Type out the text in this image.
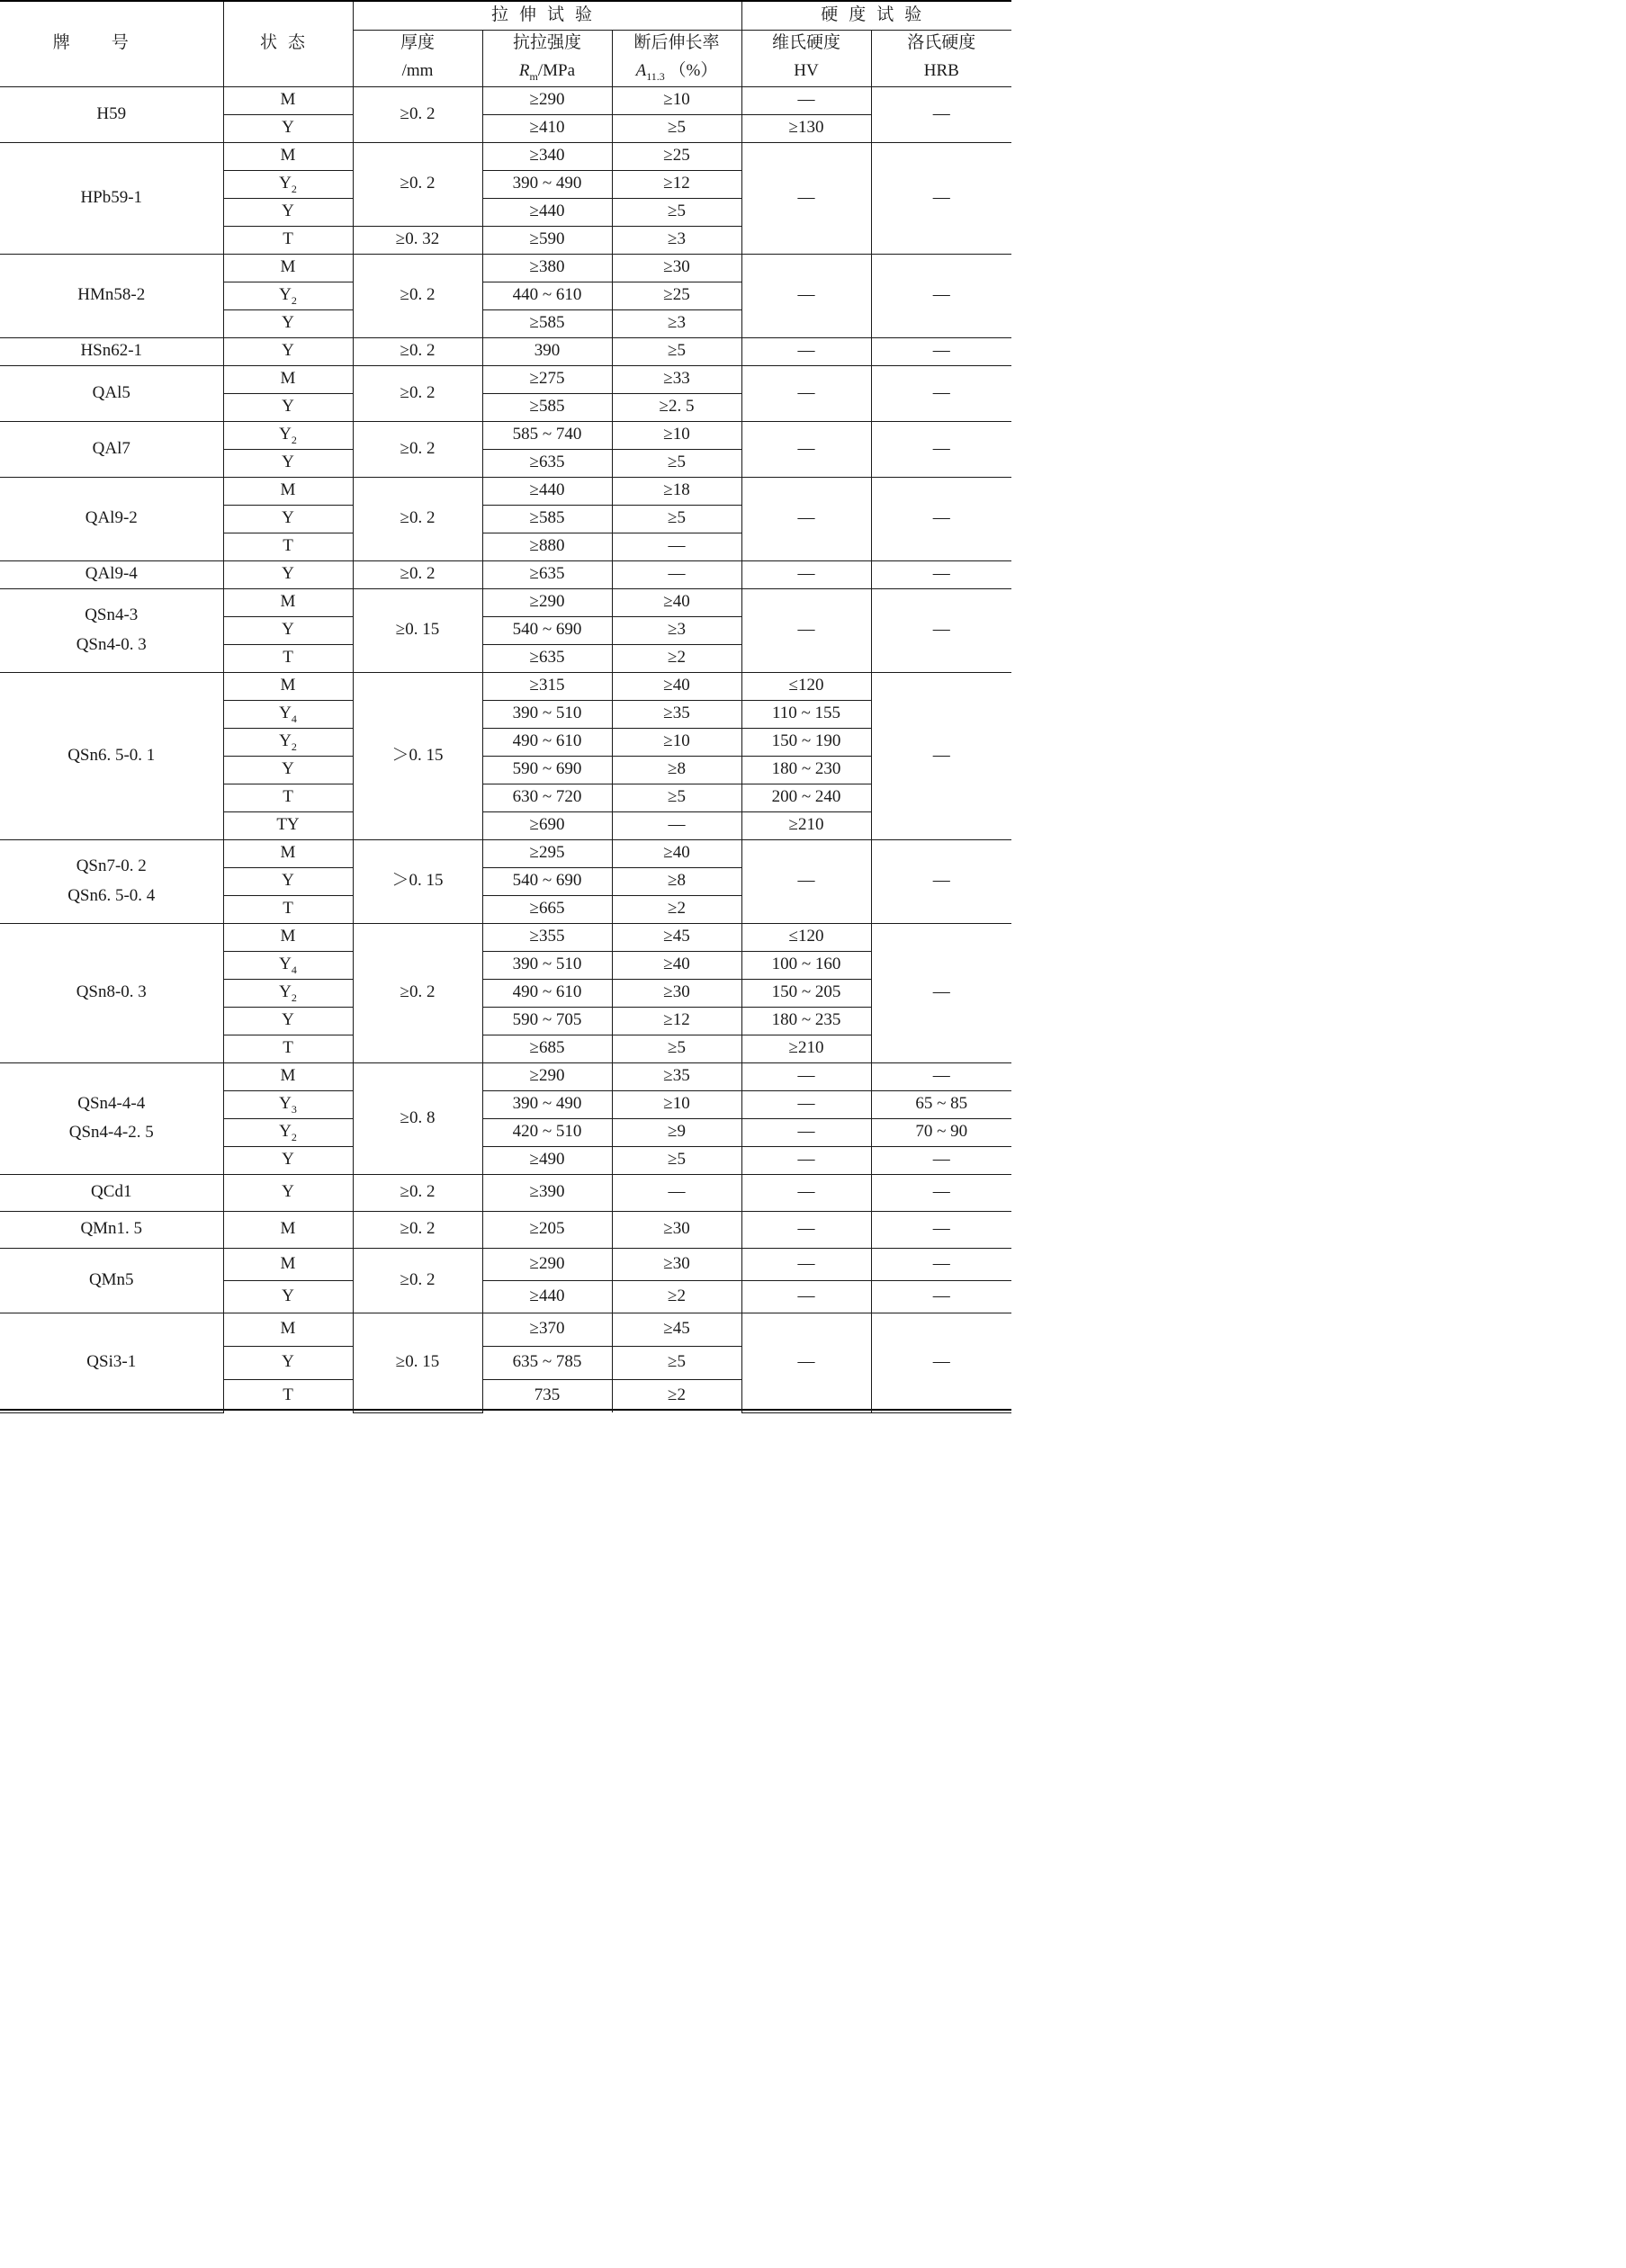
牌号	状态	拉伸试验			硬度试验	
		厚度	抗拉强度	断后伸长率	维氏硬度	洛氏硬度
		/mm	$R_m$/MPa	$A_{11.3}$ （%）	HV	HRB

H59	M	≥0. 2	≥290	≥10	—	—
	Y		≥410	≥5	≥130	

HPb59-1	M	≥0. 2	≥340	≥25	—	—
	$Y_2$		390 ~ 490	≥12		
	Y		≥440	≥5		
	T	≥0. 32	≥590	≥3		

HMn58-2	M	≥0. 2	≥380	≥30	—	—
	$Y_2$		440 ~ 610	≥25		
	Y		≥585	≥3		

HSn62-1	Y	≥0. 2	390	≥5	—	—

QAl5	M	≥0. 2	≥275	≥33	—	—
	Y		≥585	≥2. 5		

QAl7	$Y_2$	≥0. 2	585 ~ 740	≥10	—	—
	Y		≥635	≥5		

QAl9-2	M	≥0. 2	≥440	≥18	—	—
	Y		≥585	≥5		
	T		≥880	—		

QAl9-4	Y	≥0. 2	≥635	—	—	—

QSn4-3
QSn4-0. 3	M	≥0. 15	≥290	≥40	—	—
	Y		540 ~ 690	≥3		
	T		≥635	≥2		

QSn6. 5-0. 1	M	＞0. 15	≥315	≥40	≤120	—
	$Y_4$		390 ~ 510	≥35	110 ~ 155	
	$Y_2$		490 ~ 610	≥10	150 ~ 190	
	Y		590 ~ 690	≥8	180 ~ 230	
	T		630 ~ 720	≥5	200 ~ 240	
	TY		≥690	—	≥210	

QSn7-0. 2
QSn6. 5-0. 4	M	＞0. 15	≥295	≥40	—	—
	Y		540 ~ 690	≥8		
	T		≥665	≥2		

QSn8-0. 3	M	≥0. 2	≥355	≥45	≤120	—
	$Y_4$		390 ~ 510	≥40	100 ~ 160	
	$Y_2$		490 ~ 610	≥30	150 ~ 205	
	Y		590 ~ 705	≥12	180 ~ 235	
	T		≥685	≥5	≥210	

QSn4-4-4
QSn4-4-2. 5	M	≥0. 8	≥290	≥35	—	—
	$Y_3$		390 ~ 490	≥10	—	65 ~ 85
	$Y_2$		420 ~ 510	≥9	—	70 ~ 90
	Y		≥490	≥5	—	—

QCd1	Y	≥0. 2	≥390	—	—	—

QMn1. 5	M	≥0. 2	≥205	≥30	—	—

QMn5	M	≥0. 2	≥290	≥30	—	—
	Y		≥440	≥2	—	—

QSi3-1	M	≥0. 15	≥370	≥45	—	—
	Y		635 ~ 785	≥5		
	T		735	≥2		
